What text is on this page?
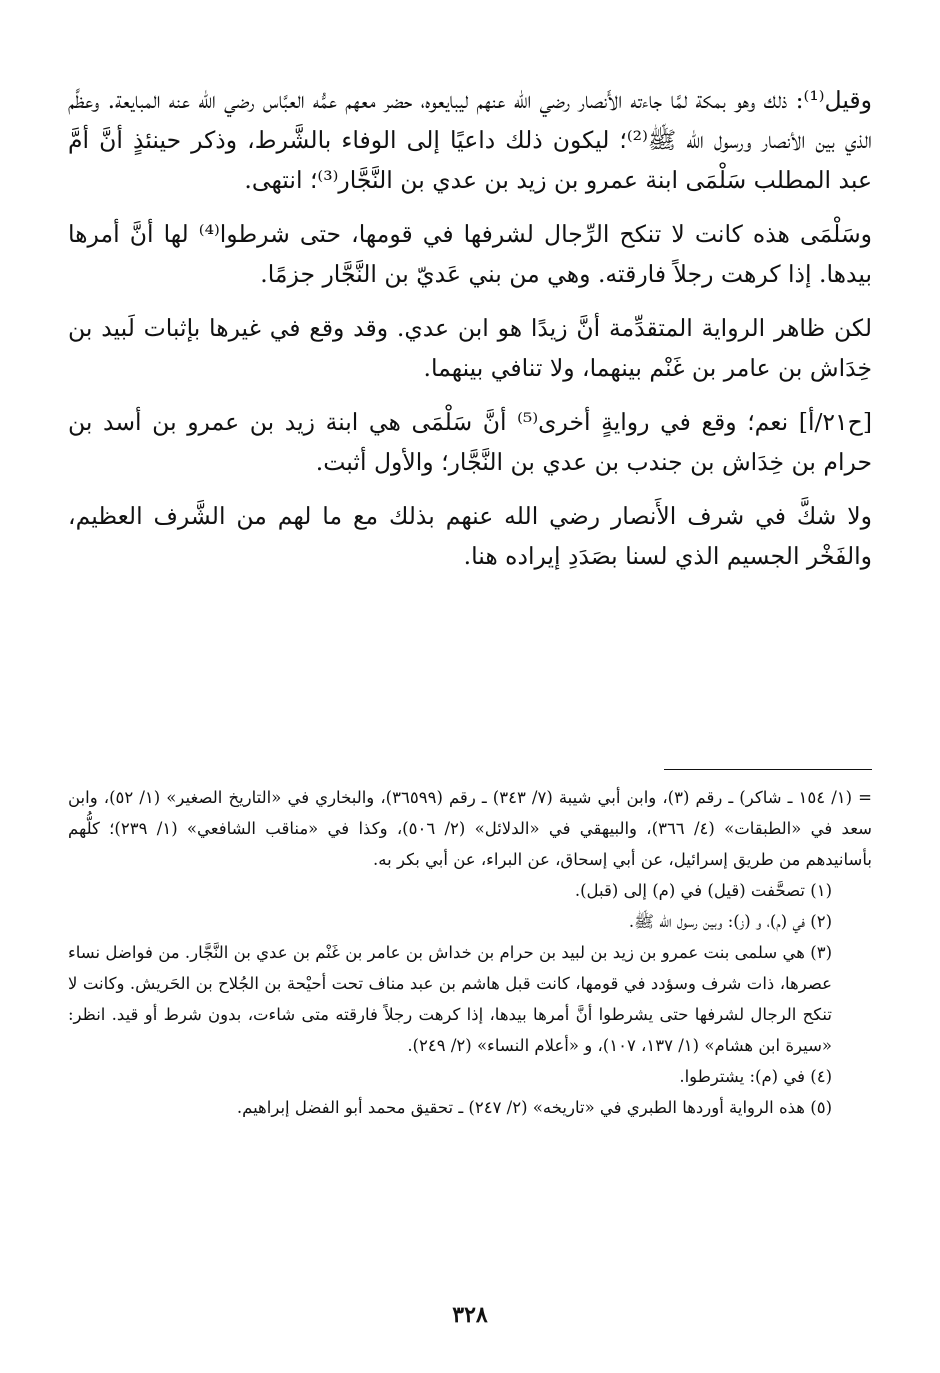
وقيل⁽¹⁾: ذلك وهو بمكة لمَّا جاءته الأَنصار رضي الله عنهم ليبايعوه، حضر معهم عمُّه العبَّاس رضي الله عنه المبايعة. وعظَّم الذي بين الأنصار ورسول الله ﷺ⁽²⁾؛ ليكون ذلك داعيًا إلى الوفاء بالشَّرط، وذكر حينئذٍ أنَّ أمَّ عبد المطلب سَلْمَى ابنة عمرو بن زيد بن عدي بن النَّجَّار⁽³⁾؛ انتهى.

وسَلْمَى هذه كانت لا تنكح الرِّجال لشرفها في قومها، حتى شرطوا⁽⁴⁾ لها أنَّ أمرها بيدها. إذا كرهت رجلاً فارقته. وهي من بني عَديّ بن النَّجَّار جزمًا.

لكن ظاهر الرواية المتقدِّمة أنَّ زيدًا هو ابن عدي. وقد وقع في غيرها بإثبات لَبيد بن خِدَاش بن عامر بن غَنْم بينهما، ولا تنافي بينهما.

[ح٢١/أ] نعم؛ وقع في روايةٍ أخرى⁽⁵⁾ أنَّ سَلْمَى هي ابنة زيد بن عمرو بن أسد بن حرام بن خِدَاش بن جندب بن عدي بن النَّجَّار؛ والأول أثبت.

ولا شكَّ في شرف الأَنصار رضي الله عنهم بذلك مع ما لهم من الشَّرف العظيم، والفَخْر الجسيم الذي لسنا بصَدَدِ إيراده هنا.

= (١/ ١٥٤ ـ شاكر) ـ رقم (٣)، وابن أبي شيبة (٧/ ٣٤٣) ـ رقم (٣٦٥٩٩)، والبخاري في «التاريخ الصغير» (١/ ٥٢)، وابن سعد في «الطبقات» (٤/ ٣٦٦)، والبيهقي في «الدلائل» (٢/ ٥٠٦)، وكذا في «مناقب الشافعي» (١/ ٢٣٩)؛ كلُّهم بأسانيدهم من طريق إسرائيل، عن أبي إسحاق، عن البراء، عن أبي بكر به.

(١) تصحَّفت (قيل) في (م) إلى (قبل).

(٢) في (م)، و (ز): وبين رسول الله ﷺ.

(٣) هي سلمى بنت عمرو بن زيد بن لبيد بن حرام بن خداش بن عامر بن غَنْم بن عدي بن النَّجَّار. من فواضل نساء عصرها، ذات شرف وسؤدد في قومها، كانت قبل هاشم بن عبد مناف تحت أحيْحة بن الجُلاح بن الحَريش. وكانت لا تنكح الرجال لشرفها حتى يشرطوا أنَّ أمرها بيدها، إذا كرهت رجلاً فارقته متى شاءت، بدون شرط أو قيد. انظر: «سيرة ابن هشام» (١/ ١٣٧، ١٠٧)، و «أعلام النساء» (٢/ ٢٤٩).

(٤) في (م): يشترطوا.

(٥) هذه الرواية أوردها الطبري في «تاريخه» (٢/ ٢٤٧) ـ تحقيق محمد أبو الفضل إبراهيم.

٣٢٨
